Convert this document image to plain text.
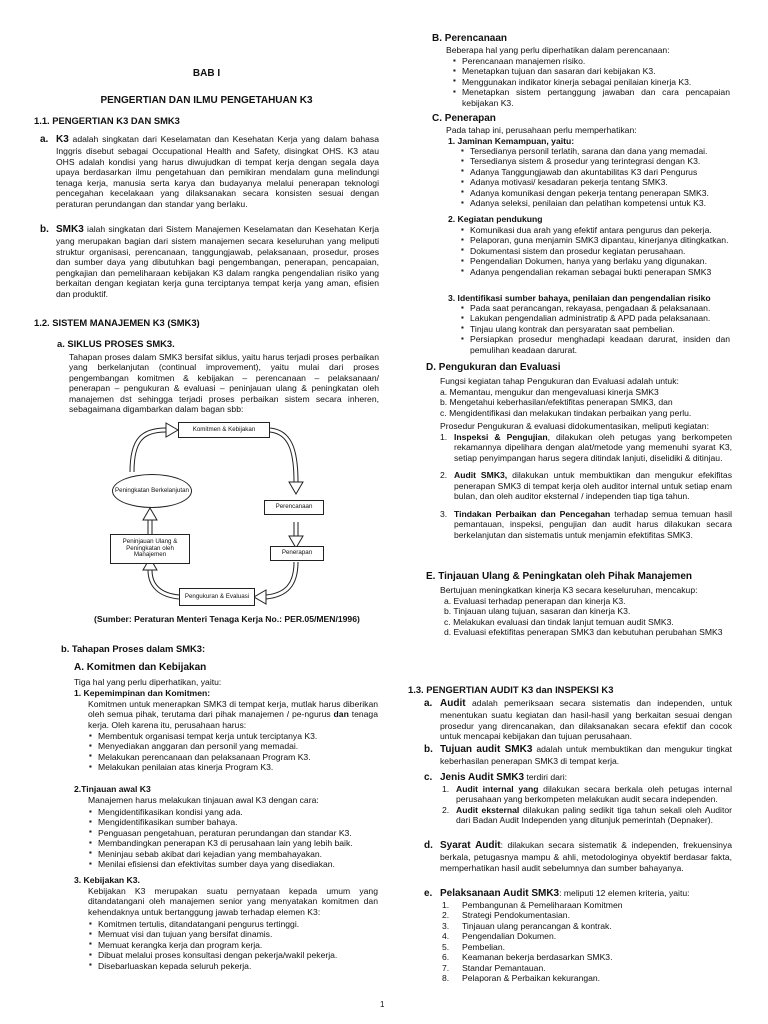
BAB I
PENGERTIAN DAN ILMU PENGETAHUAN K3
1.1. PENGERTIAN K3 DAN SMK3
a. K3 adalah singkatan dari Keselamatan dan Kesehatan Kerja yang dalam bahasa Inggris disebut sebagai Occupational Health and Safety, disingkat OHS. K3 atau OHS adalah kondisi yang harus diwujudkan di tempat kerja dengan segala daya upaya berdasarkan ilmu pengetahuan dan pemikiran mendalam guna melindungi tenaga kerja, manusia serta karya dan budayanya melalui penerapan teknologi pencegahan kecelakaan yang dilaksanakan secara konsisten sesuai dengan peraturan perundangan dan standar yang berlaku.
b. SMK3 ialah singkatan dari Sistem Manajemen Keselamatan dan Kesehatan Kerja yang merupakan bagian dari sistem manajemen secara keseluruhan yang meliputi struktur organisasi, perencanaan, tanggungjawab, pelaksanaan, prosedur, proses dan sumber daya yang dibutuhkan bagi pengembangan, penerapan, pencapaian, pengkajian dan pemeliharaan kebijakan K3 dalam rangka pengendalian risiko yang berkaitan dengan kegiatan kerja guna terciptanya tempat kerja yang aman, efisien dan produktif.
1.2. SISTEM MANAJEMEN K3 (SMK3)
a. SIKLUS PROSES SMK3.
Tahapan proses dalam SMK3 bersifat siklus, yaitu harus terjadi proses perbaikan yang berkelanjutan (continual improvement), yaitu mulai dari proses pengembangan komitmen & kebijakan – perencanaan – pelaksanaan/ penerapan – pengukuran & evaluasi – peninjauan ulang & peningkatan oleh manajemen dst sehingga terjadi proses perbaikan sistem secara inheren, sebagaimana digambarkan dalam bagan sbb:
Komitmen & Kebijakan
Peningkatan Berkelanjutan
Perencanaan
Peninjauan Ulang & Peningkatan oleh Manajemen	Penerapan
Pengukuran & Evaluasi
(Sumber: Peraturan Menteri Tenaga Kerja No.: PER.05/MEN/1996)
b. Tahapan Proses dalam SMK3:
A. Komitmen dan Kebijakan
Tiga hal yang perlu diperhatikan, yaitu:
1. Kepemimpinan dan Komitmen:
Komitmen untuk menerapkan SMK3 di tempat kerja, mutlak harus diberikan oleh semua pihak, terutama dari pihak manajemen / pe-ngurus dan tenaga kerja. Oleh karena itu, perusahaan harus:
▪ Membentuk organisasi tempat kerja untuk terciptanya K3.
▪ Menyediakan anggaran dan personil yang memadai.
▪ Melakukan perencanaan dan pelaksanaan Program K3.
▪ Melakukan penilaian atas kinerja Program K3.
2.Tinjauan awal K3
Manajemen harus melakukan tinjauan awal K3 dengan cara:
▪ Mengidentifikasikan kondisi yang ada.
▪ Mengidentifikasikan sumber bahaya.
▪ Penguasan pengetahuan, peraturan perundangan dan standar K3.
▪ Membandingkan penerapan K3 di perusahaan lain yang lebih baik.
▪ Meninjau sebab akibat dari kejadian yang membahayakan.
▪ Menilai efisiensi dan efektivitas sumber daya yang disediakan.
3. Kebijakan K3.
Kebijakan K3 merupakan suatu pernyataan kepada umum yang ditandatangani oleh manajemen senior yang menyatakan komitmen dan kehendaknya untuk bertanggung jawab terhadap elemen K3:
▪ Komitmen tertulis, ditandatangani pengurus tertinggi.
▪ Memuat visi dan tujuan yang bersifat dinamis.
▪ Memuat kerangka kerja dan program kerja.
▪ Dibuat melalui proses konsultasi dengan pekerja/wakil pekerja.
▪ Disebarluaskan kepada seluruh pekerja.
B. Perencanaan
Beberapa hal yang perlu diperhatikan dalam perencanaan:
▪ Perencanaan manajemen risiko.
▪ Menetapkan tujuan dan sasaran dari kebijakan K3.
▪ Menggunakan indikator kinerja sebagai penilaian kinerja K3.
▪ Menetapkan sistem pertanggung jawaban dan cara pencapaian kebijakan K3.
C. Penerapan
Pada tahap ini, perusahaan perlu memperhatikan:
1. Jaminan Kemampuan, yaitu:
▪ Tersedianya personil terlatih, sarana dan dana yang memadai.
▪ Tersedianya sistem & prosedur yang terintegrasi dengan K3.
▪ Adanya Tanggungjawab dan akuntabilitas K3 dari Pengurus
▪ Adanya motivasi/ kesadaran pekerja tentang SMK3.
▪ Adanya komunikasi dengan pekerja tentang penerapan SMK3.
▪ Adanya seleksi, penilaian dan pelatihan kompetensi untuk K3.
2. Kegiatan pendukung
▪ Komunikasi dua arah yang efektif antara pengurus dan pekerja.
▪ Pelaporan, guna menjamin SMK3 dipantau, kinerjanya ditingkatkan.
▪ Dokumentasi sistem dan prosedur kegiatan perusahaan.
▪ Pengendalian Dokumen, hanya yang berlaku yang digunakan.
▪ Adanya pengendalian rekaman sebagai bukti penerapan SMK3
3. Identifikasi sumber bahaya, penilaian dan pengendalian risiko
▪ Pada saat perancangan, rekayasa, pengadaan & pelaksanaan.
▪ Lakukan pengendalian administratip & APD pada pelaksanaan.
▪ Tinjau ulang kontrak dan persyaratan saat pembelian.
▪ Persiapkan prosedur menghadapi keadaan darurat, insiden dan pemulihan keadaan darurat.
D. Pengukuran dan Evaluasi
Fungsi kegiatan tahap Pengukuran dan Evaluasi adalah untuk:
a. Memantau, mengukur dan mengevaluasi kinerja SMK3
b. Mengetahui keberhasilan/efektifitas penerapan SMK3, dan
c. Mengidentifikasi dan melakukan tindakan perbaikan yang perlu.
Prosedur Pengukuran & evaluasi didokumentasikan, meliputi kegiatan:
1. Inspeksi & Pengujian, dilakukan oleh petugas yang berkompeten rekamannya dipelihara dengan alat/metode yang memenuhi syarat K3, setiap penyimpangan harus segera ditindak lanjuti, diselidiki & ditinjau.
2. Audit SMK3, dilakukan untuk membuktikan dan mengukur efekifitas penerapan SMK3 di tempat kerja oleh auditor internal untuk setiap enam bulan, dan oleh auditor eksternal / independen tiap tiga tahun.
3. Tindakan Perbaikan dan Pencegahan terhadap semua temuan hasil pemantauan, inspeksi, pengujian dan audit harus dilakukan secara berkelanjutan dan sistematis untuk menjamin efektifitas SMK3.
E. Tinjauan Ulang & Peningkatan oleh Pihak Manajemen
Bertujuan meningkatkan kinerja K3 secara keseluruhan, mencakup:
a. Evaluasi terhadap penerapan dan kinerja K3.
b. Tinjauan ulang tujuan, sasaran dan kinerja K3.
c. Melakukan evaluasi dan tindak lanjut temuan audit SMK3.
d. Evaluasi efektifitas penerapan SMK3 dan kebutuhan perubahan SMK3
1.3. PENGERTIAN AUDIT K3 dan INSPEKSI K3
a. Audit adalah pemeriksaan secara sistematis dan independen, untuk menentukan suatu kegiatan dan hasil-hasil yang berkaitan sesuai dengan prosedur yang direncanakan, dan dilaksanakan secara efektif dan cocok untuk mencapai kebijakan dan tujuan perusahaan.
b. Tujuan audit SMK3 adalah untuk membuktikan dan mengukur tingkat keberhasilan penerapan SMK3 di tempat kerja.
c. Jenis Audit SMK3 terdiri dari:
1. Audit internal yang dilakukan secara berkala oleh petugas internal perusahaan yang berkompeten melakukan audit secara independen.
2. Audit eksternal dilakukan paling sedikit tiga tahun sekali oleh Auditor dari Badan Audit Independen yang ditunjuk pemerintah (Depnaker).
d. Syarat Audit: dilakukan secara sistematik & independen, frekuensinya berkala, petugasnya mampu & ahli, metodologinya obyektif berdasar fakta, memperhatikan hasil audit sebelumnya dan sumber bahayanya.
e. Pelaksanaan Audit SMK3: meliputi 12 elemen kriteria, yaitu:
1. Pembangunan & Pemeliharaan Komitmen
2. Strategi Pendokumentasian.
3. Tinjauan ulang perancangan & kontrak.
4. Pengendalian Dokumen.
5. Pembelian.
6. Keamanan bekerja berdasarkan SMK3.
7. Standar Pemantauan.
8. Pelaporan & Perbaikan kekurangan.
1
